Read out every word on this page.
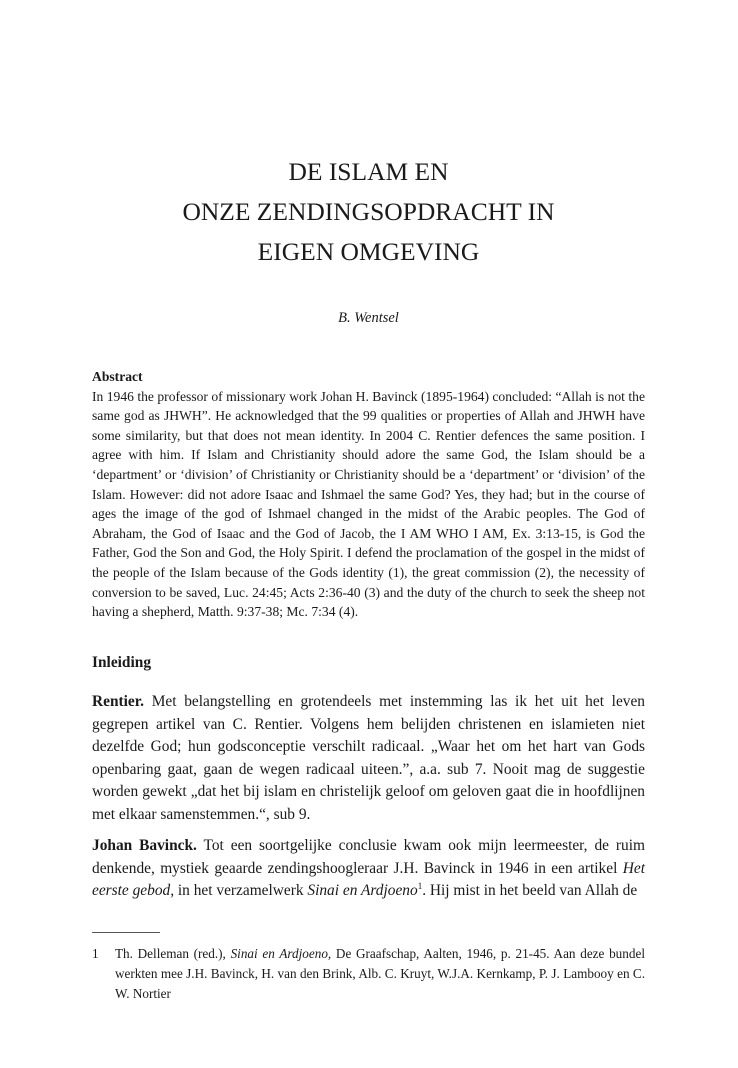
DE ISLAM EN
ONZE ZENDINGSOPDRACHT IN
EIGEN OMGEVING
B. Wentsel
Abstract
In 1946 the professor of missionary work Johan H. Bavinck (1895-1964) concluded: “Allah is not the same god as JHWH”. He acknowledged that the 99 qualities or properties of Allah and JHWH have some similarity, but that does not mean identity. In 2004 C. Rentier defences the same position. I agree with him. If Islam and Christianity should adore the same God, the Islam should be a ‘department’ or ‘division’ of Christianity or Christianity should be a ‘department’ or ‘division’ of the Islam. However: did not adore Isaac and Ishmael the same God? Yes, they had; but in the course of ages the image of the god of Ishmael changed in the midst of the Arabic peoples. The God of Abraham, the God of Isaac and the God of Jacob, the I AM WHO I AM, Ex. 3:13-15, is God the Father, God the Son and God, the Holy Spirit. I defend the proclamation of the gospel in the midst of the people of the Islam because of the Gods identity (1), the great commission (2), the necessity of conversion to be saved, Luc. 24:45; Acts 2:36-40 (3) and the duty of the church to seek the sheep not having a shepherd, Matth. 9:37-38; Mc. 7:34 (4).
Inleiding

Rentier. Met belangstelling en grotendeels met instemming las ik het uit het leven gegrepen artikel van C. Rentier. Volgens hem belijden christenen en islamieten niet dezelfde God; hun godsconceptie verschilt radicaal. „Waar het om het hart van Gods openbaring gaat, gaan de wegen radicaal uiteen.”, a.a. sub 7. Nooit mag de suggestie worden gewekt „dat het bij islam en christelijk geloof om geloven gaat die in hoofdlijnen met elkaar samenstemmen.“, sub 9.

Johan Bavinck. Tot een soortgelijke conclusie kwam ook mijn leermeester, de ruim denkende, mystiek geaarde zendingshoogleraar J.H. Bavinck in 1946 in een artikel Het eerste gebod, in het verzamelwerk Sinai en Ardjoeno$^1$. Hij mist in het beeld van Allah de

1 Th. Delleman (red.), Sinai en Ardjoeno, De Graafschap, Aalten, 1946, p. 21-45. Aan deze bundel werkten mee J.H. Bavinck, H. van den Brink, Alb. C. Kruyt, W.J.A. Kernkamp, P. J. Lambooy en C. W. Nortier
